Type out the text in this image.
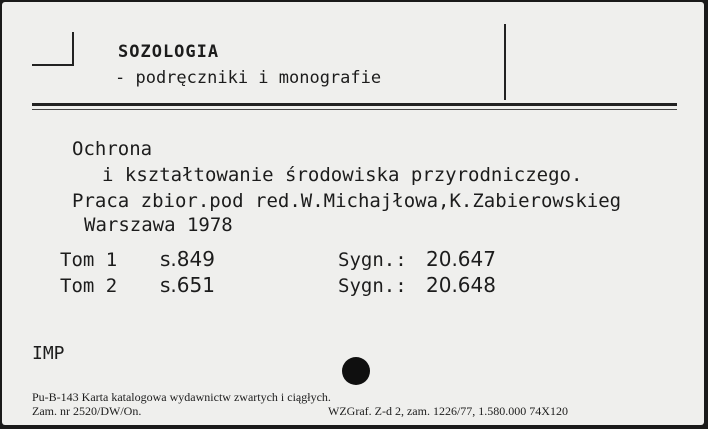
SOZOLOGIA
- podręczniki i monografie
Ochrona
i kształtowanie środowiska przyrodniczego.
Praca zbior.pod red.W.Michajłowa,K.Zabierowskieg
Warszawa 1978
Tom 1 s.849	Sygn.: 20.647
Tom 2 s.651	Sygn.: 20.648
IMP
Pu-B-143 Karta katalogowa wydawnictw zwartych i ciągłych.
Zam. nr 2520/DW/On.	WZGraf. Z-d 2, zam. 1226/77, 1.580.000 74X120
